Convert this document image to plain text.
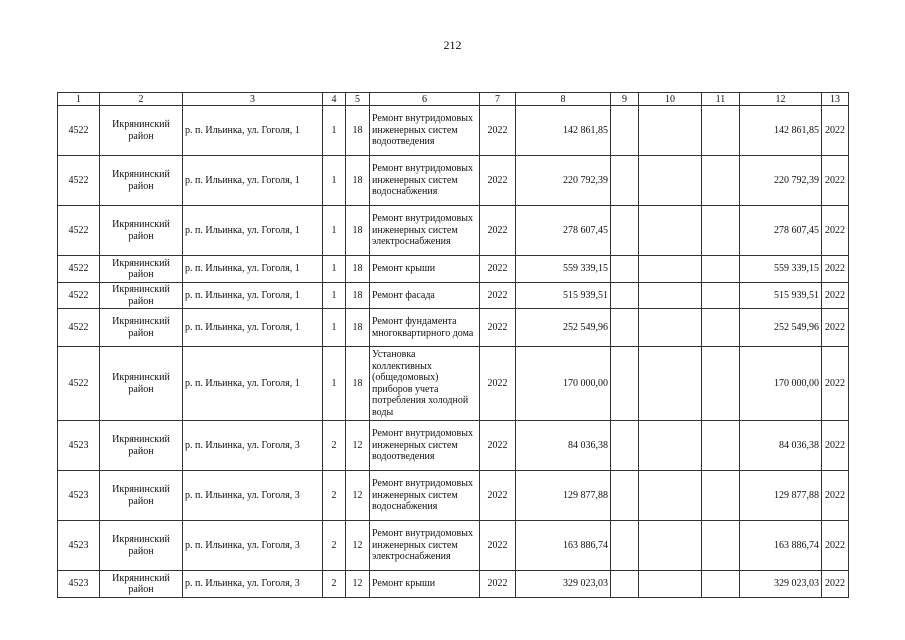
212
1	2	3	4	5	6	7	8	9	10	11	12	13
4522	Икрянинский район	р. п. Ильинка, ул. Гоголя, 1	1	18	Ремонт внутридомовых инженерных систем водоотведения	2022	142 861,85				142 861,85	2022
4522	Икрянинский район	р. п. Ильинка, ул. Гоголя, 1	1	18	Ремонт внутридомовых инженерных систем водоснабжения	2022	220 792,39				220 792,39	2022
4522	Икрянинский район	р. п. Ильинка, ул. Гоголя, 1	1	18	Ремонт внутридомовых инженерных систем электроснабжения	2022	278 607,45				278 607,45	2022
4522	Икрянинский район	р. п. Ильинка, ул. Гоголя, 1	1	18	Ремонт крыши	2022	559 339,15				559 339,15	2022
4522	Икрянинский район	р. п. Ильинка, ул. Гоголя, 1	1	18	Ремонт фасада	2022	515 939,51				515 939,51	2022
4522	Икрянинский район	р. п. Ильинка, ул. Гоголя, 1	1	18	Ремонт фундамента многоквартирного дома	2022	252 549,96				252 549,96	2022
4522	Икрянинский район	р. п. Ильинка, ул. Гоголя, 1	1	18	Установка коллективных (общедомовых) приборов учета потребления холодной воды	2022	170 000,00				170 000,00	2022
4523	Икрянинский район	р. п. Ильинка, ул. Гоголя, 3	2	12	Ремонт внутридомовых инженерных систем водоотведения	2022	84 036,38				84 036,38	2022
4523	Икрянинский район	р. п. Ильинка, ул. Гоголя, 3	2	12	Ремонт внутридомовых инженерных систем водоснабжения	2022	129 877,88				129 877,88	2022
4523	Икрянинский район	р. п. Ильинка, ул. Гоголя, 3	2	12	Ремонт внутридомовых инженерных систем электроснабжения	2022	163 886,74				163 886,74	2022
4523	Икрянинский район	р. п. Ильинка, ул. Гоголя, 3	2	12	Ремонт крыши	2022	329 023,03				329 023,03	2022
